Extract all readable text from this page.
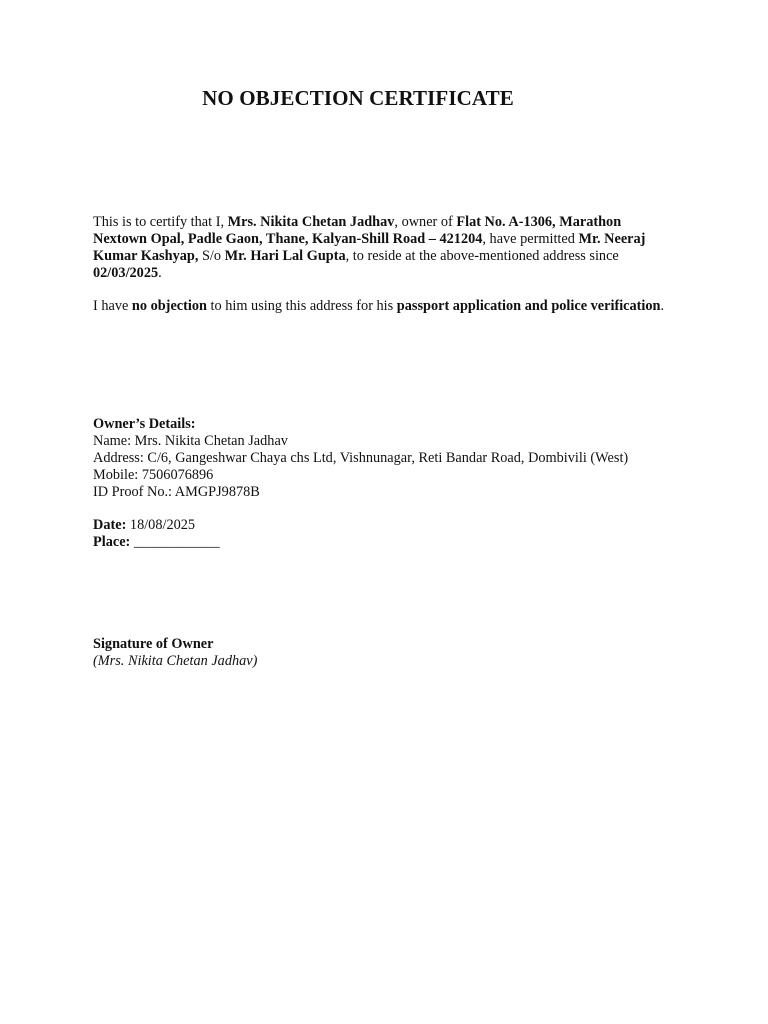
NO OBJECTION CERTIFICATE
This is to certify that I, Mrs. Nikita Chetan Jadhav, owner of Flat No. A-1306, Marathon Nextown Opal, Padle Gaon, Thane, Kalyan-Shill Road – 421204, have permitted Mr. Neeraj Kumar Kashyap, S/o Mr. Hari Lal Gupta, to reside at the above-mentioned address since 02/03/2025.
I have no objection to him using this address for his passport application and police verification.
Owner’s Details:
Name: Mrs. Nikita Chetan Jadhav
Address: C/6, Gangeshwar Chaya chs Ltd, Vishnunagar, Reti Bandar Road, Dombivili (West)
Mobile: 7506076896
ID Proof No.: AMGPJ9878B
Date: 18/08/2025
Place: ____________
Signature of Owner
(Mrs. Nikita Chetan Jadhav)
